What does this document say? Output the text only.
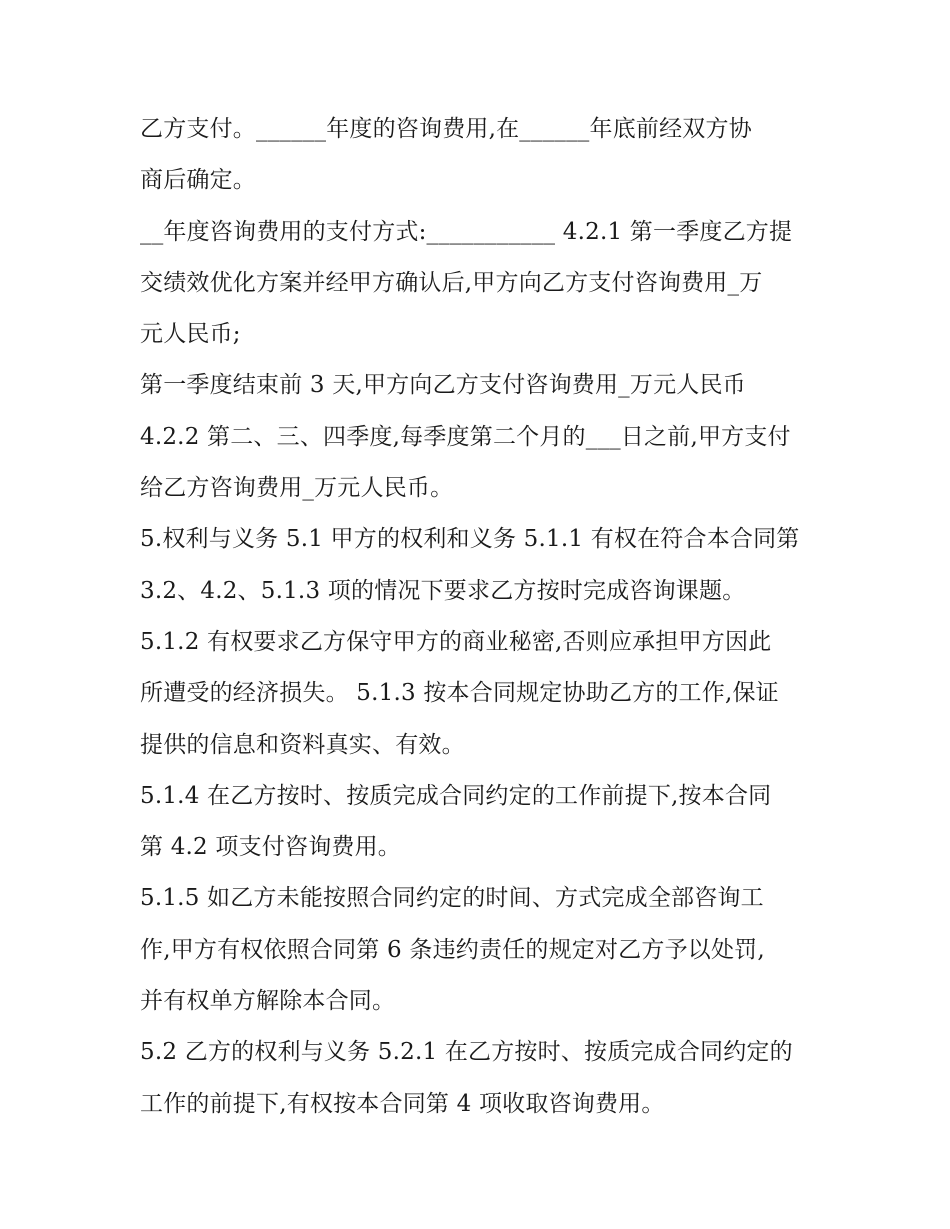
乙方支付。______年度的咨询费用,在______年底前经双方协
商后确定。
__年度咨询费用的支付方式:___________ 4.2.1 第一季度乙方提
交绩效优化方案并经甲方确认后,甲方向乙方支付咨询费用_万
元人民币;
第一季度结束前 3 天,甲方向乙方支付咨询费用_万元人民币
4.2.2 第二、三、四季度,每季度第二个月的___日之前,甲方支付
给乙方咨询费用_万元人民币。
5.权利与义务 5.1 甲方的权利和义务 5.1.1 有权在符合本合同第
3.2、4.2、5.1.3 项的情况下要求乙方按时完成咨询课题。
5.1.2 有权要求乙方保守甲方的商业秘密,否则应承担甲方因此
所遭受的经济损失。 5.1.3 按本合同规定协助乙方的工作,保证
提供的信息和资料真实、有效。
5.1.4 在乙方按时、按质完成合同约定的工作前提下,按本合同
第 4.2 项支付咨询费用。
5.1.5 如乙方未能按照合同约定的时间、方式完成全部咨询工
作,甲方有权依照合同第 6 条违约责任的规定对乙方予以处罚,
并有权单方解除本合同。
5.2 乙方的权利与义务 5.2.1 在乙方按时、按质完成合同约定的
工作的前提下,有权按本合同第 4 项收取咨询费用。
